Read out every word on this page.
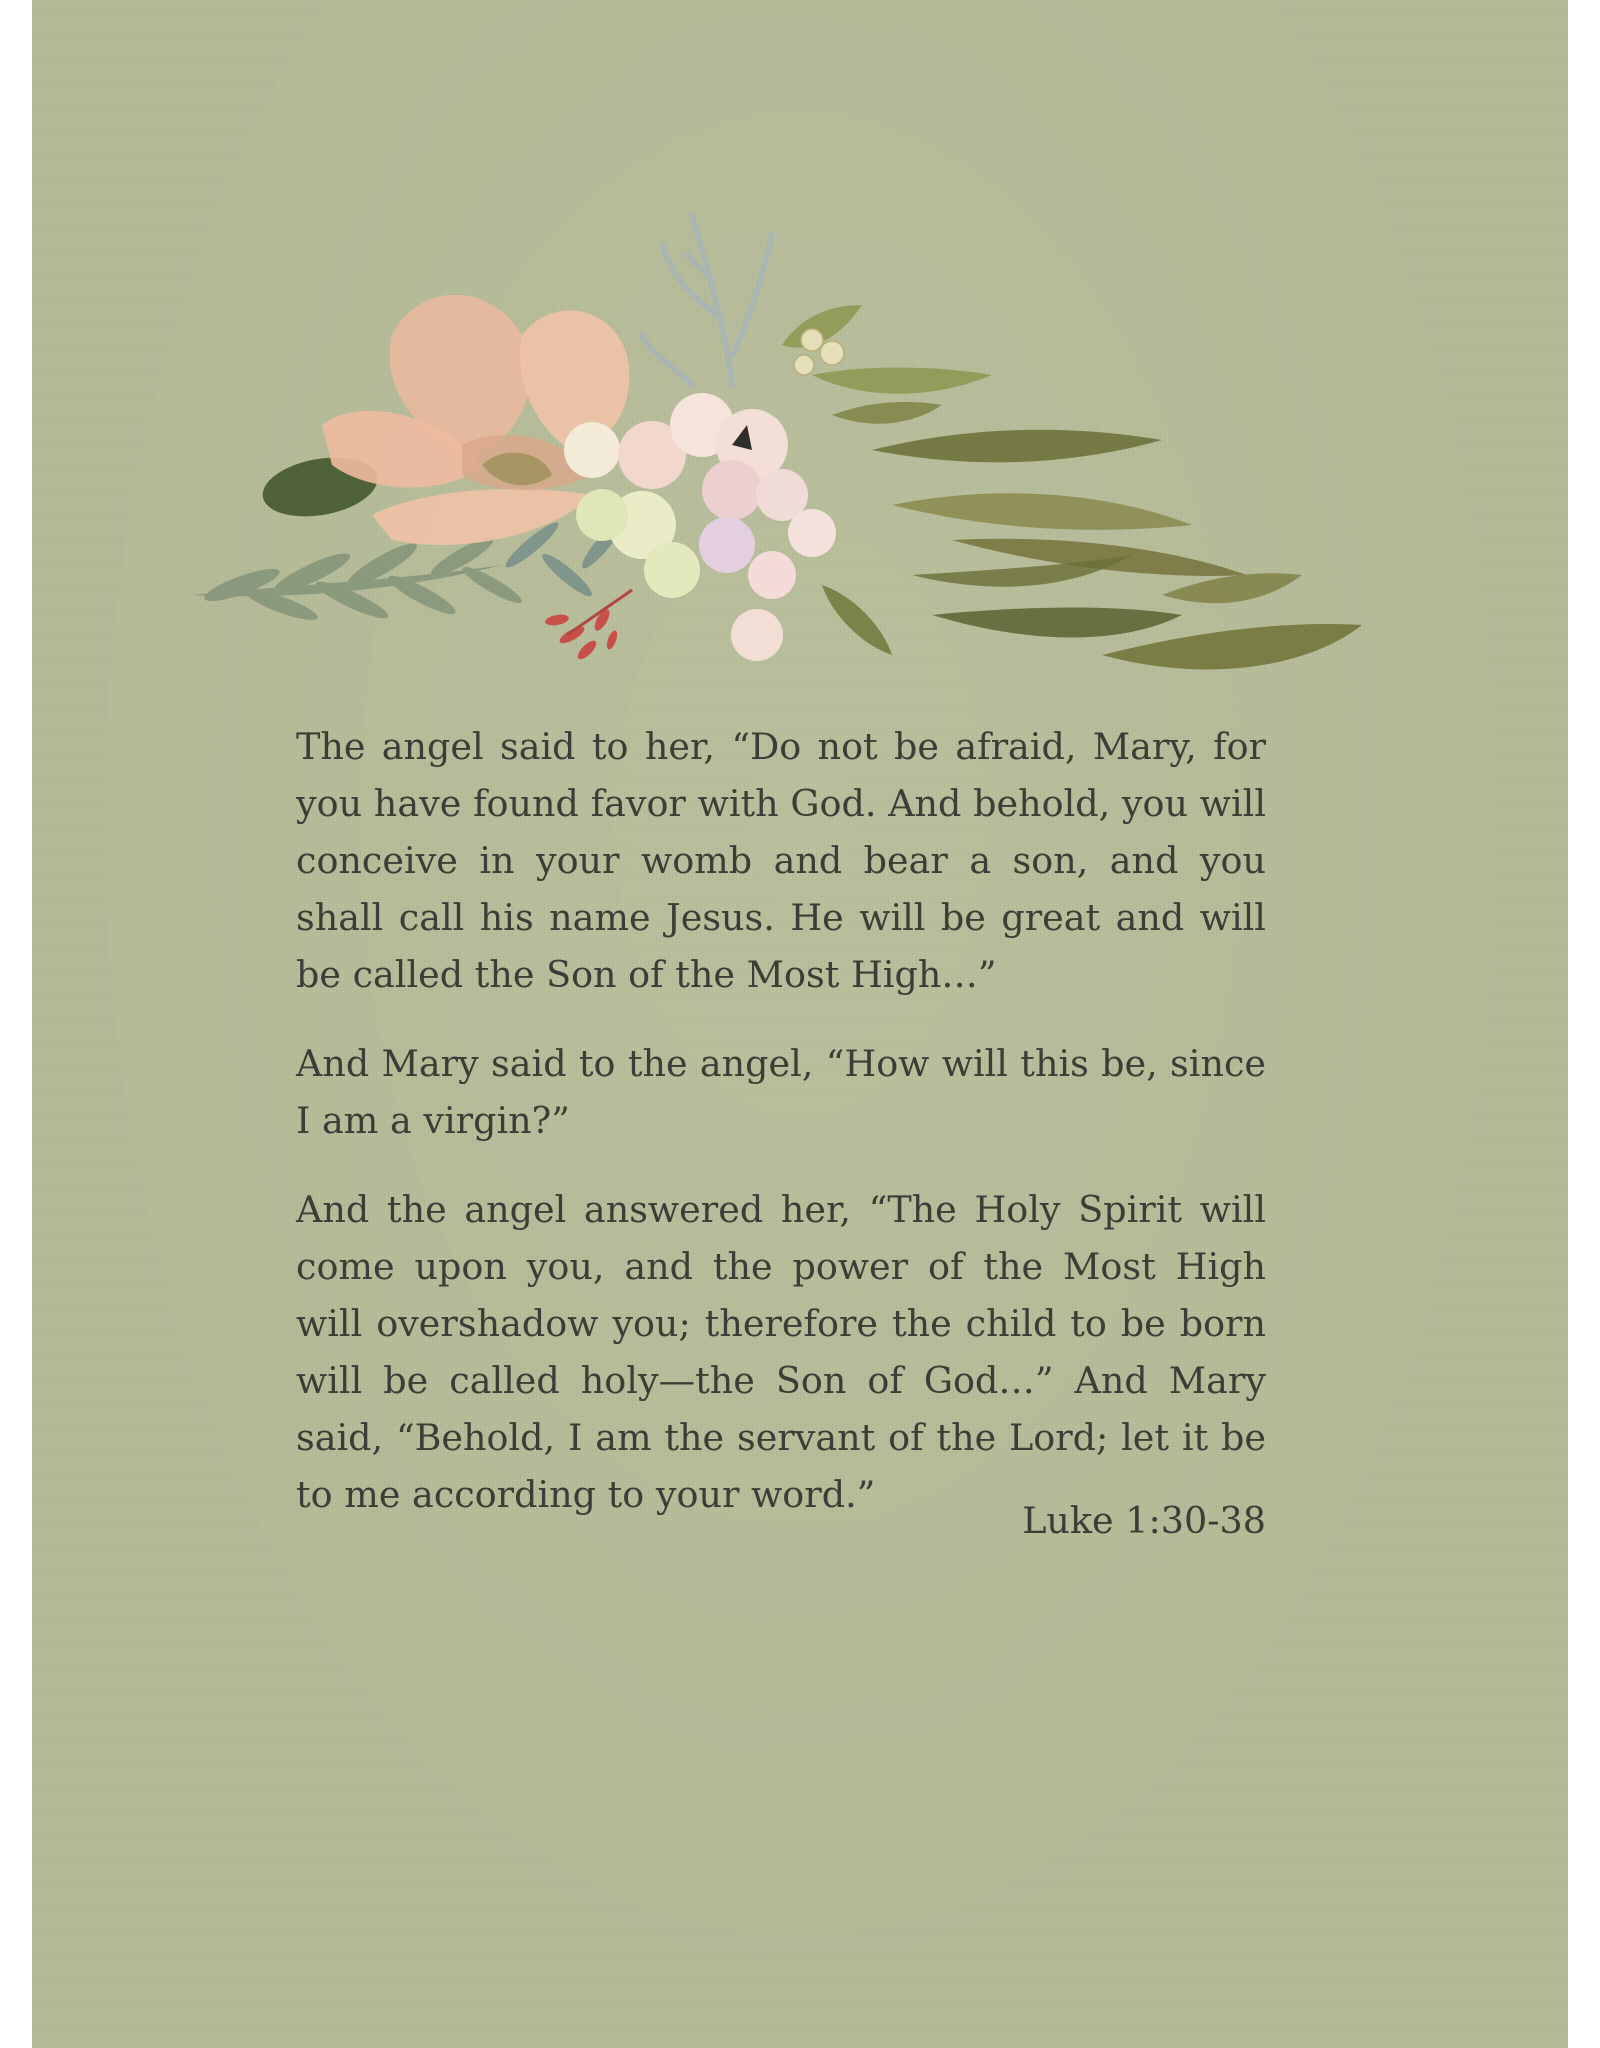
The angel said to her, “Do not be afraid, Mary, for you have found favor with God. And behold, you will conceive in your womb and bear a son, and you shall call his name Jesus. He will be great and will be called the Son of the Most High…”

And Mary said to the angel, “How will this be, since I am a virgin?”

And the angel answered her, “The Holy Spirit will come upon you, and the power of the Most High will overshadow you; therefore the child to be born will be called holy—the Son of God…” And Mary said, “Behold, I am the servant of the Lord; let it be to me according to your word.”

Luke 1:30-38
